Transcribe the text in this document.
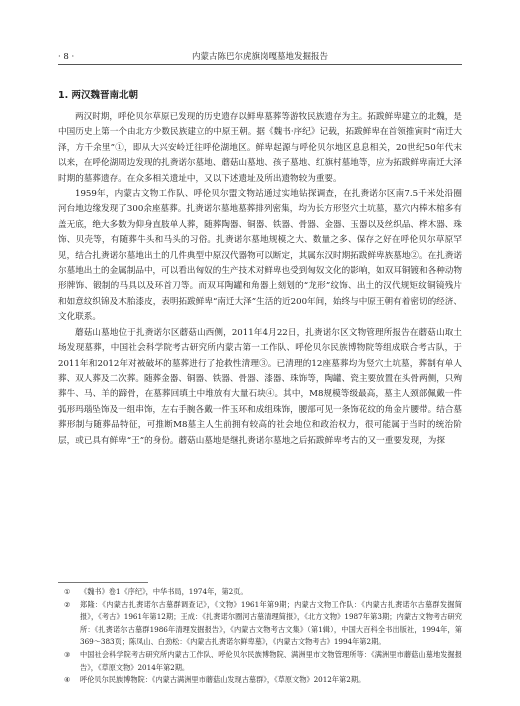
· 8 ·	内蒙古陈巴尔虎旗岗嘎墓地发掘报告
1. 两汉魏晋南北朝

两汉时期，呼伦贝尔草原已发现的历史遗存以鲜卑墓葬等游牧民族遗存为主。拓跋鲜卑建立的北魏，是中国历史上第一个由北方少数民族建立的中原王朝。据《魏书·序纪》记载，拓跋鲜卑在首领推寅时“南迁大泽，方千余里”①，即从大兴安岭迁往呼伦湖地区。鲜卑起源与呼伦贝尔地区息息相关，20世纪50年代末以来，在呼伦湖周边发现的扎赉诺尔墓地、蘑菇山墓地、孩子墓地、红旗村墓地等，应为拓跋鲜卑南迁大泽时期的墓葬遗存。在众多相关遗址中，又以下述遗址及所出遗物较为重要。

1959年，内蒙古文物工作队、呼伦贝尔盟文物站通过实地钻探调查，在扎赉诺尔区南7.5千米处沿圈河台地边缘发现了300余座墓葬。扎赉诺尔墓地墓葬排列密集，均为长方形竖穴土坑墓，墓穴内棒木棺多有盖无底，绝大多数为仰身直肢单人葬，随葬陶器、铜器、铁器、骨器、金器、玉器以及丝织品、桦木器、珠饰、贝壳等，有随葬牛头和马头的习俗。扎赉诺尔墓地规模之大、数量之多、保存之好在呼伦贝尔草原罕见，结合扎赉诺尔墓地出土的几件典型中原汉代器物可以断定，其属东汉时期拓跋鲜卑族墓地②。在扎赉诺尔墓地出土的金属制品中，可以看出匈奴的生产技术对鲜卑也受到匈奴文化的影响，如双耳铜镀和各种动物形牌饰、锻制的马具以及环首刀等。而双耳陶罐和角器上刻划的“龙形”纹饰、出土的汉代规矩纹铜镜残片和如意纹织锦及木胎漆皮，表明拓跋鲜卑“南迁大泽”生活的近200年间，始终与中原王朝有着密切的经济、文化联系。

蘑菇山墓地位于扎赉诺尔区蘑菇山西侧，2011年4月22日，扎赉诺尔区文物管理所报告在蘑菇山取土场发现墓葬，中国社会科学院考古研究所内蒙古第一工作队、呼伦贝尔民族博物院等组成联合考古队，于2011年和2012年对被破坏的墓葬进行了抢救性清理③。已清理的12座墓葬均为竖穴土坑墓，葬制有单人葬、双人葬及二次葬。随葬金器、铜器、铁器、骨器、漆器、珠饰等，陶罐、瓷主要放置在头骨两侧，只殉葬牛、马、羊的蹄骨，在墓葬回填土中堆放有大量石块④。其中，M8规模等级最高，墓主人颈部佩戴一件弧形玛瑙坠饰及一组串饰，左右手腕各戴一件玉环和成组珠饰，腰部可见一条饰花纹的角金片腰带。结合墓葬形制与随葬品特征，可推断M8墓主人生前拥有较高的社会地位和政治权力，很可能属于当时的统治阶层，或已具有鲜卑“王”的身份。蘑菇山墓地是继扎赉诺尔墓地之后拓跋鲜卑考古的又一重要发现，为探

① 《魏书》卷1《序纪》，中华书局，1974年，第2页。

② 郑隆：《内蒙古扎赉诺尔古墓群调查记》，《文物》1961年第9期；内蒙古文物工作队：《内蒙古扎赉诺尔古墓群发掘简报》，《考古》1961年第12期；王成：《扎赉诺尔圈河古墓清理简报》，《北方文物》1987年第3期；内蒙古文物考古研究所：《扎赉诺尔古墓群1986年清理发掘报告》，《内蒙古文物考古文集》（第1辑），中国大百科全书出版社，1994年，第369～383页；陈凤山、白劲松：《内蒙古扎赉诺尔鲜卑墓》，《内蒙古文物考古》1994年第2期。

③ 中国社会科学院考古研究所内蒙古工作队、呼伦贝尔民族博物院、满洲里市文物管理所等：《满洲里市蘑菇山墓地发掘报告》，《草原文物》2014年第2期。

④ 呼伦贝尔民族博物院：《内蒙古满洲里市蘑菇山发现古墓群》，《草原文物》2012年第2期。
